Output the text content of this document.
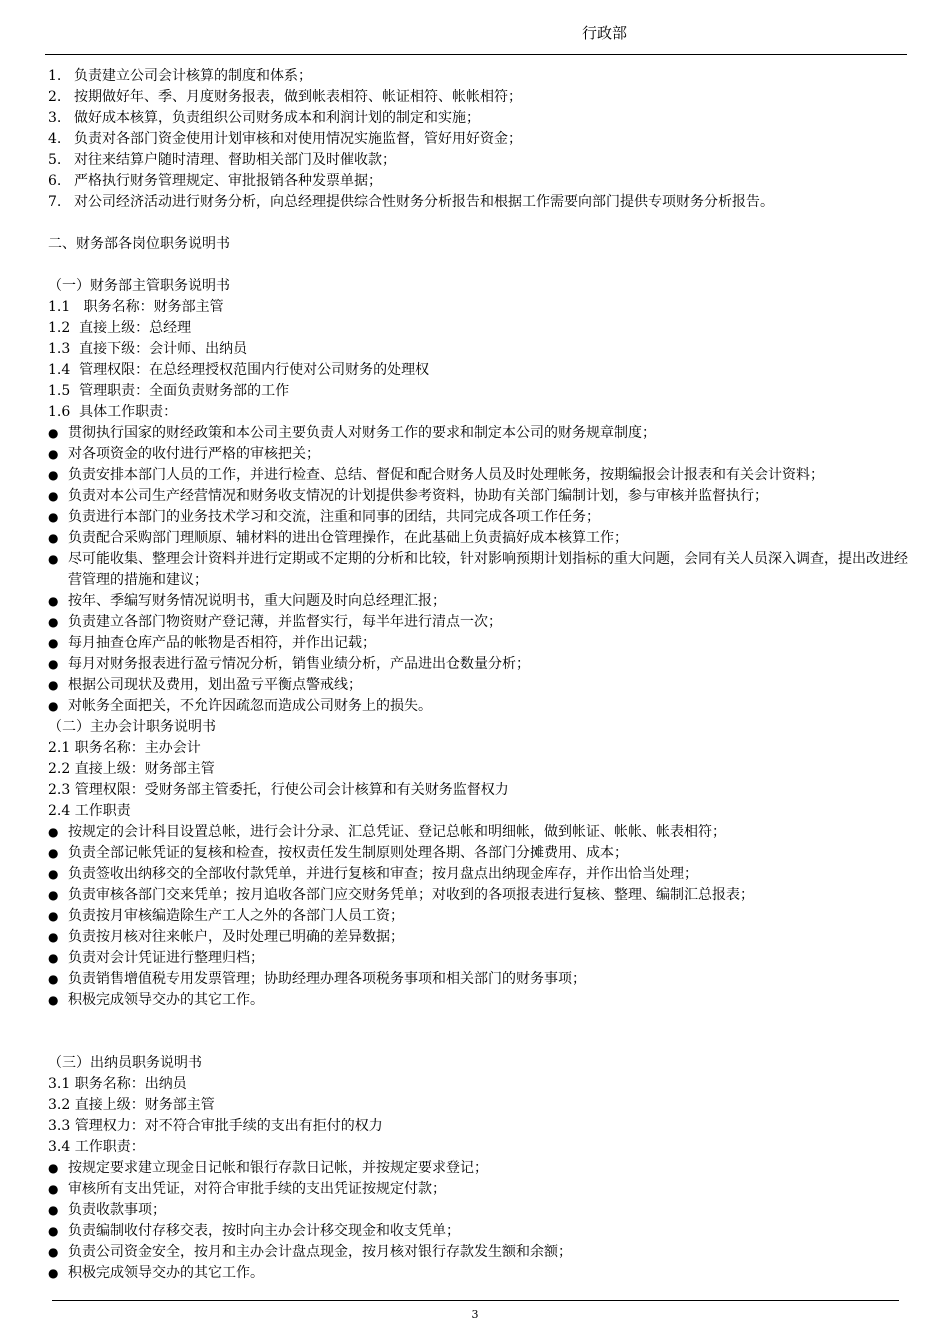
行政部
1. 负责建立公司会计核算的制度和体系；
2. 按期做好年、季、月度财务报表，做到帐表相符、帐证相符、帐帐相符；
3. 做好成本核算，负责组织公司财务成本和利润计划的制定和实施；
4. 负责对各部门资金使用计划审核和对使用情况实施监督，管好用好资金；
5. 对往来结算户随时清理、督助相关部门及时催收款；
6. 严格执行财务管理规定、审批报销各种发票单据；
7. 对公司经济活动进行财务分析，向总经理提供综合性财务分析报告和根据工作需要向部门提供专项财务分析报告。
二、财务部各岗位职务说明书
（一）财务部主管职务说明书
1.1   职务名称：财务部主管
1.2  直接上级：总经理
1.3  直接下级：会计师、出纳员
1.4  管理权限：在总经理授权范围内行使对公司财务的处理权
1.5  管理职责：全面负责财务部的工作
1.6  具体工作职责：
● 贯彻执行国家的财经政策和本公司主要负责人对财务工作的要求和制定本公司的财务规章制度；
● 对各项资金的收付进行严格的审核把关；
● 负责安排本部门人员的工作，并进行检查、总结、督促和配合财务人员及时处理帐务，按期编报会计报表和有关会计资料；
● 负责对本公司生产经营情况和财务收支情况的计划提供参考资料，协助有关部门编制计划，参与审核并监督执行；
● 负责进行本部门的业务技术学习和交流，注重和同事的团结，共同完成各项工作任务；
● 负责配合采购部门理顺原、辅材料的进出仓管理操作，在此基础上负责搞好成本核算工作；
● 尽可能收集、整理会计资料并进行定期或不定期的分析和比较，针对影响预期计划指标的重大问题，会同有关人员深入调查，提出改进经营管理的措施和建议；
● 按年、季编写财务情况说明书，重大问题及时向总经理汇报；
● 负责建立各部门物资财产登记薄，并监督实行，每半年进行清点一次；
● 每月抽查仓库产品的帐物是否相符，并作出记载；
● 每月对财务报表进行盈亏情况分析，销售业绩分析，产品进出仓数量分析；
● 根据公司现状及费用，划出盈亏平衡点警戒线；
● 对帐务全面把关，不允许因疏忽而造成公司财务上的损失。
（二）主办会计职务说明书
2.1 职务名称：主办会计
2.2 直接上级：财务部主管
2.3 管理权限：受财务部主管委托，行使公司会计核算和有关财务监督权力
2.4 工作职责
● 按规定的会计科目设置总帐，进行会计分录、汇总凭证、登记总帐和明细帐，做到帐证、帐帐、帐表相符；
● 负责全部记帐凭证的复核和检查，按权责任发生制原则处理各期、各部门分摊费用、成本；
● 负责签收出纳移交的全部收付款凭单，并进行复核和审查；按月盘点出纳现金库存，并作出恰当处理；
● 负责审核各部门交来凭单；按月追收各部门应交财务凭单；对收到的各项报表进行复核、整理、编制汇总报表；
● 负责按月审核编造除生产工人之外的各部门人员工资；
● 负责按月核对往来帐户，及时处理已明确的差异数据；
● 负责对会计凭证进行整理归档；
● 负责销售增值税专用发票管理；协助经理办理各项税务事项和相关部门的财务事项；
● 积极完成领导交办的其它工作。
（三）出纳员职务说明书
3.1 职务名称：出纳员
3.2 直接上级：财务部主管
3.3 管理权力：对不符合审批手续的支出有拒付的权力
3.4 工作职责：
● 按规定要求建立现金日记帐和银行存款日记帐，并按规定要求登记；
● 审核所有支出凭证，对符合审批手续的支出凭证按规定付款；
● 负责收款事项；
● 负责编制收付存移交表，按时向主办会计移交现金和收支凭单；
● 负责公司资金安全，按月和主办会计盘点现金，按月核对银行存款发生额和余额；
● 积极完成领导交办的其它工作。
3
